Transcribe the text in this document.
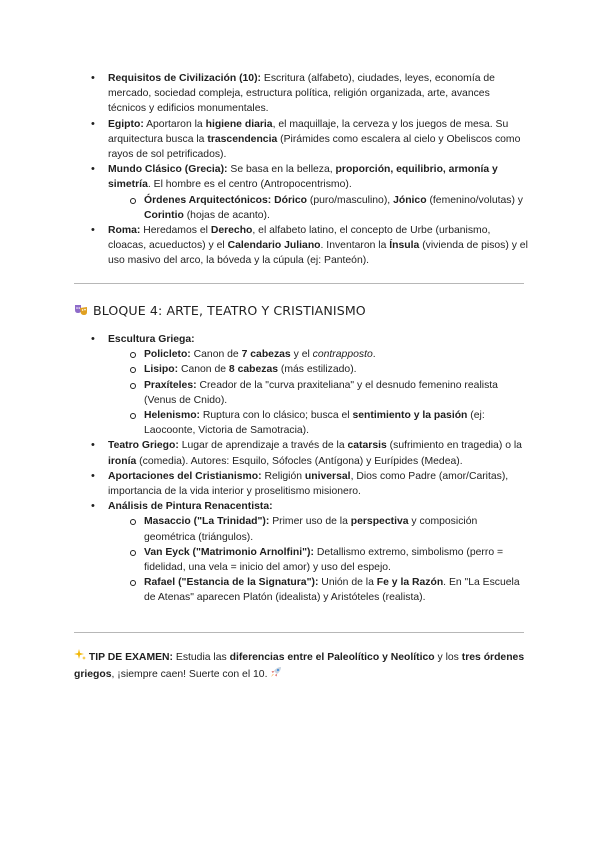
• Requisitos de Civilización (10): Escritura (alfabeto), ciudades, leyes, economía de mercado, sociedad compleja, estructura política, religión organizada, arte, avances técnicos y edificios monumentales.
• Egipto: Aportaron la higiene diaria, el maquillaje, la cerveza y los juegos de mesa. Su arquitectura busca la trascendencia (Pirámides como escalera al cielo y Obeliscos como rayos de sol petrificados).
• Mundo Clásico (Grecia): Se basa en la belleza, proporción, equilibrio, armonía y simetría. El hombre es el centro (Antropocentrismo).
Órdenes Arquitectónicos: Dórico (puro/masculino), Jónico (femenino/volutas) y Corintio (hojas de acanto).
• Roma: Heredamos el Derecho, el alfabeto latino, el concepto de Urbe (urbanismo, cloacas, acueductos) y el Calendario Juliano. Inventaron la Ínsula (vivienda de pisos) y el uso masivo del arco, la bóveda y la cúpula (ej: Panteón).
BLOQUE 4: ARTE, TEATRO Y CRISTIANISMO
• Escultura Griega:
Policleto: Canon de 7 cabezas y el contrapposto.
Lisipo: Canon de 8 cabezas (más estilizado).
Praxíteles: Creador de la "curva praxiteliana" y el desnudo femenino realista (Venus de Cnido).
Helenismo: Ruptura con lo clásico; busca el sentimiento y la pasión (ej: Laocoonte, Victoria de Samotracia).
• Teatro Griego: Lugar de aprendizaje a través de la catarsis (sufrimiento en tragedia) o la ironía (comedia). Autores: Esquilo, Sófocles (Antígona) y Eurípides (Medea).
• Aportaciones del Cristianismo: Religión universal, Dios como Padre (amor/Caritas), importancia de la vida interior y proselitismo misionero.
• Análisis de Pintura Renacentista:
Masaccio ("La Trinidad"): Primer uso de la perspectiva y composición geométrica (triángulos).
Van Eyck ("Matrimonio Arnolfini"): Detallismo extremo, simbolismo (perro = fidelidad, una vela = inicio del amor) y uso del espejo.
Rafael ("Estancia de la Signatura"): Unión de la Fe y la Razón. En "La Escuela de Atenas" aparecen Platón (idealista) y Aristóteles (realista).
TIP DE EXAMEN: Estudia las diferencias entre el Paleolítico y Neolítico y los tres órdenes griegos, ¡siempre caen! Suerte con el 10.
